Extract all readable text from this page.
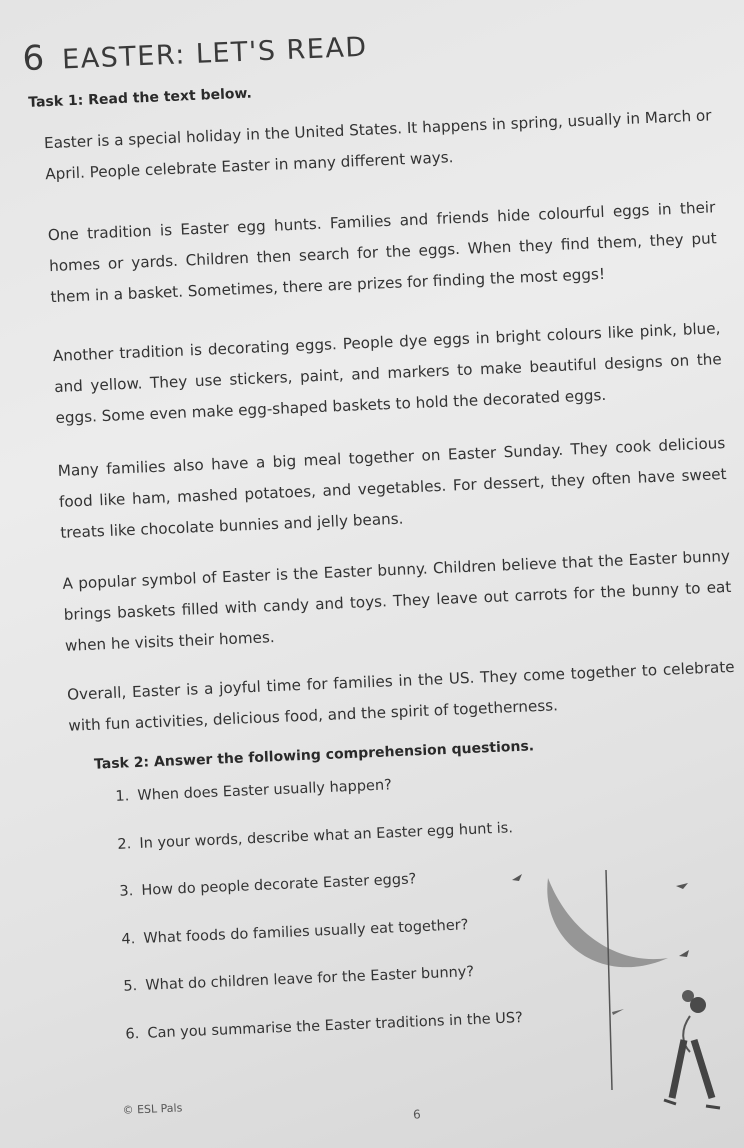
6 EASTER: LET'S READ
Task 1: Read the text below.

Easter is a special holiday in the United States. It happens in spring, usually in March or April. People celebrate Easter in many different ways.

One tradition is Easter egg hunts. Families and friends hide colourful eggs in their homes or yards. Children then search for the eggs. When they find them, they put them in a basket. Sometimes, there are prizes for finding the most eggs!

Another tradition is decorating eggs. People dye eggs in bright colours like pink, blue, and yellow. They use stickers, paint, and markers to make beautiful designs on the eggs. Some even make egg-shaped baskets to hold the decorated eggs.

Many families also have a big meal together on Easter Sunday. They cook delicious food like ham, mashed potatoes, and vegetables. For dessert, they often have sweet treats like chocolate bunnies and jelly beans.

A popular symbol of Easter is the Easter bunny. Children believe that the Easter bunny brings baskets filled with candy and toys. They leave out carrots for the bunny to eat when he visits their homes.

Overall, Easter is a joyful time for families in the US. They come together to celebrate with fun activities, delicious food, and the spirit of togetherness.

Task 2: Answer the following comprehension questions.
1. When does Easter usually happen?
2. In your words, describe what an Easter egg hunt is.
3. How do people decorate Easter eggs?
4. What foods do families usually eat together?
5. What do children leave for the Easter bunny?
6. Can you summarise the Easter traditions in the US?
© ESL Pals	6
